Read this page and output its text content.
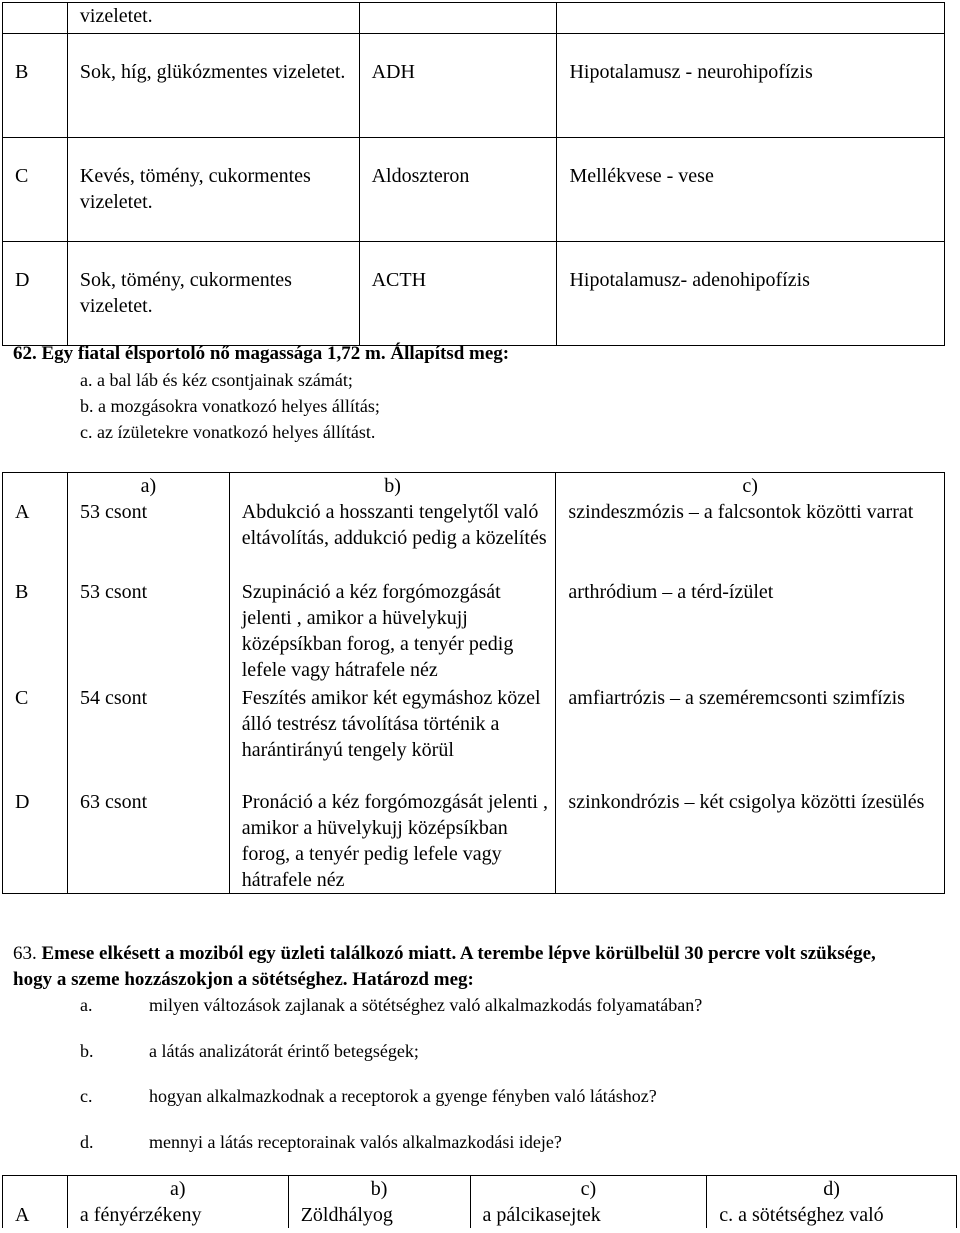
	vizeletet.		
B	Sok, híg, glükózmentes vizeletet.	ADH	Hipotalamusz - neurohipofízis
C	Kevés, tömény, cukormentes vizeletet.	Aldoszteron	Mellékvese - vese
D	Sok, tömény, cukormentes vizeletet.	ACTH	Hipotalamusz- adenohipofízis
62. Egy fiatal élsportoló nő magassága 1,72 m. Állapítsd meg:
a. a bal láb és kéz csontjainak számát;
b. a mozgásokra vonatkozó helyes állítás;
c. az ízületekre vonatkozó helyes állítást.
	a)	b)	c)
A	53 csont	Abdukció a hosszanti tengelytől való eltávolítás, addukció pedig a közelítés	szindeszmózis – a falcsontok közötti varrat
B	53 csont	Szupináció a kéz forgómozgását jelenti , amikor a hüvelykujj középsíkban forog, a tenyér pedig lefele vagy hátrafele néz	arthródium – a térd-ízület
C	54 csont	Feszítés amikor két egymáshoz közel álló testrész távolítása történik a harántirányú tengely körül	amfiartrózis – a szeméremcsonti szimfízis
D	63 csont	Pronáció a kéz forgómozgását jelenti , amikor a hüvelykujj középsíkban forog, a tenyér pedig lefele vagy hátrafele néz	szinkondrózis – két csigolya közötti ízesülés
63. Emese elkésett a moziból egy üzleti találkozó miatt. A terembe lépve körülbelül 30 percre volt szüksége, hogy a szeme hozzászokjon a sötétséghez. Határozd meg:
a.	milyen változások zajlanak a sötétséghez való alkalmazkodás folyamatában?
b.	a látás analizátorát érintő betegségek;
c.	hogyan alkalmazkodnak a receptorok a gyenge fényben való látáshoz?
d.	mennyi a látás receptorainak valós alkalmazkodási ideje?
	a)	b)	c)	d)
A	a fényérzékeny	Zöldhályog	a pálcikasejtek	c. a sötétséghez való
